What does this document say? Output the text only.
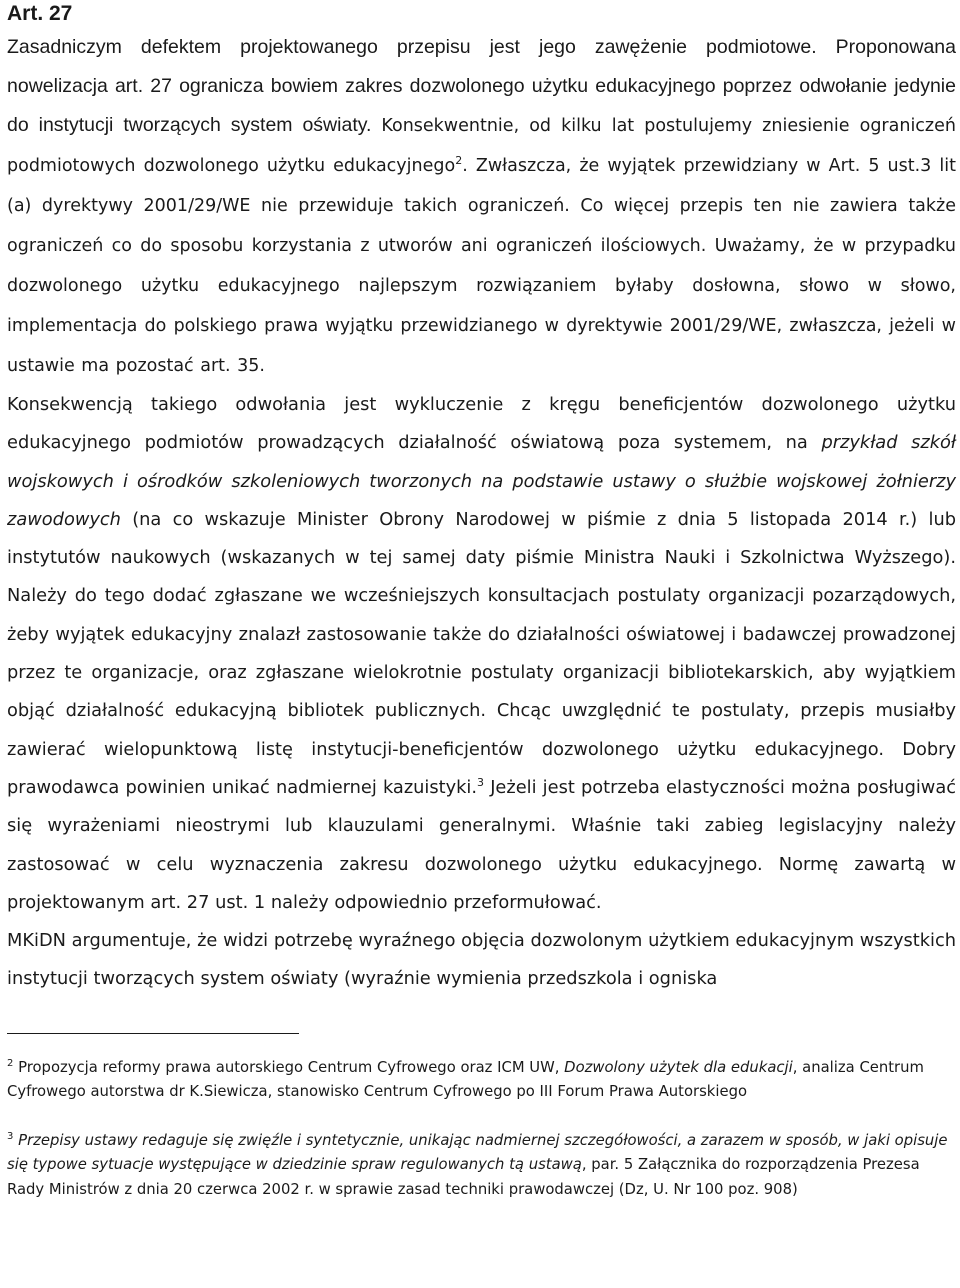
Art. 27

Zasadniczym defektem projektowanego przepisu jest jego zawężenie podmiotowe. Proponowana nowelizacja art. 27 ogranicza bowiem zakres dozwolonego użytku edukacyjnego poprzez odwołanie jedynie do instytucji tworzących system oświaty. Konsekwentnie, od kilku lat postulujemy zniesienie ograniczeń podmiotowych dozwolonego użytku edukacyjnego$^2$. Zwłaszcza, że wyjątek przewidziany w Art. 5 ust.3 lit (a) dyrektywy 2001/29/WE nie przewiduje takich ograniczeń. Co więcej przepis ten nie zawiera także ograniczeń co do sposobu korzystania z utworów ani ograniczeń ilościowych. Uważamy, że w przypadku dozwolonego użytku edukacyjnego najlepszym rozwiązaniem byłaby dosłowna, słowo w słowo, implementacja do polskiego prawa wyjątku przewidzianego w dyrektywie 2001/29/WE, zwłaszcza, jeżeli w ustawie ma pozostać art. 35.

Konsekwencją takiego odwołania jest wykluczenie z kręgu beneficjentów dozwolonego użytku edukacyjnego podmiotów prowadzących działalność oświatową poza systemem, na przykład szkół wojskowych i ośrodków szkoleniowych tworzonych na podstawie ustawy o służbie wojskowej żołnierzy zawodowych (na co wskazuje Minister Obrony Narodowej w piśmie z dnia 5 listopada 2014 r.) lub instytutów naukowych (wskazanych w tej samej daty piśmie Ministra Nauki i Szkolnictwa Wyższego). Należy do tego dodać zgłaszane we wcześniejszych konsultacjach postulaty organizacji pozarządowych, żeby wyjątek edukacyjny znalazł zastosowanie także do działalności oświatowej i badawczej prowadzonej przez te organizacje, oraz zgłaszane wielokrotnie postulaty organizacji bibliotekarskich, aby wyjątkiem objąć działalność edukacyjną bibliotek publicznych. Chcąc uwzględnić te postulaty, przepis musiałby zawierać wielopunktową listę instytucji-beneficjentów dozwolonego użytku edukacyjnego. Dobry prawodawca powinien unikać nadmiernej kazuistyki.$^3$ Jeżeli jest potrzeba elastyczności można posługiwać się wyrażeniami nieostrymi lub klauzulami generalnymi. Właśnie taki zabieg legislacyjny należy zastosować w celu wyznaczenia zakresu dozwolonego użytku edukacyjnego. Normę zawartą w projektowanym art. 27 ust. 1 należy odpowiednio przeformułować.

MKiDN argumentuje, że widzi potrzebę wyraźnego objęcia dozwolonym użytkiem edukacyjnym wszystkich instytucji tworzących system oświaty (wyraźnie wymienia przedszkola i ogniska

$^2$ Propozycja reformy prawa autorskiego Centrum Cyfrowego oraz ICM UW, Dozwolony użytek dla edukacji, analiza Centrum Cyfrowego autorstwa dr K.Siewicza, stanowisko Centrum Cyfrowego po III Forum Prawa Autorskiego

$^3$ Przepisy ustawy redaguje się zwięźle i syntetycznie, unikając nadmiernej szczegółowości, a zarazem w sposób, w jaki opisuje się typowe sytuacje występujące w dziedzinie spraw regulowanych tą ustawą, par. 5 Załącznika do rozporządzenia Prezesa Rady Ministrów z dnia 20 czerwca 2002 r. w sprawie zasad techniki prawodawczej (Dz, U. Nr 100 poz. 908)
